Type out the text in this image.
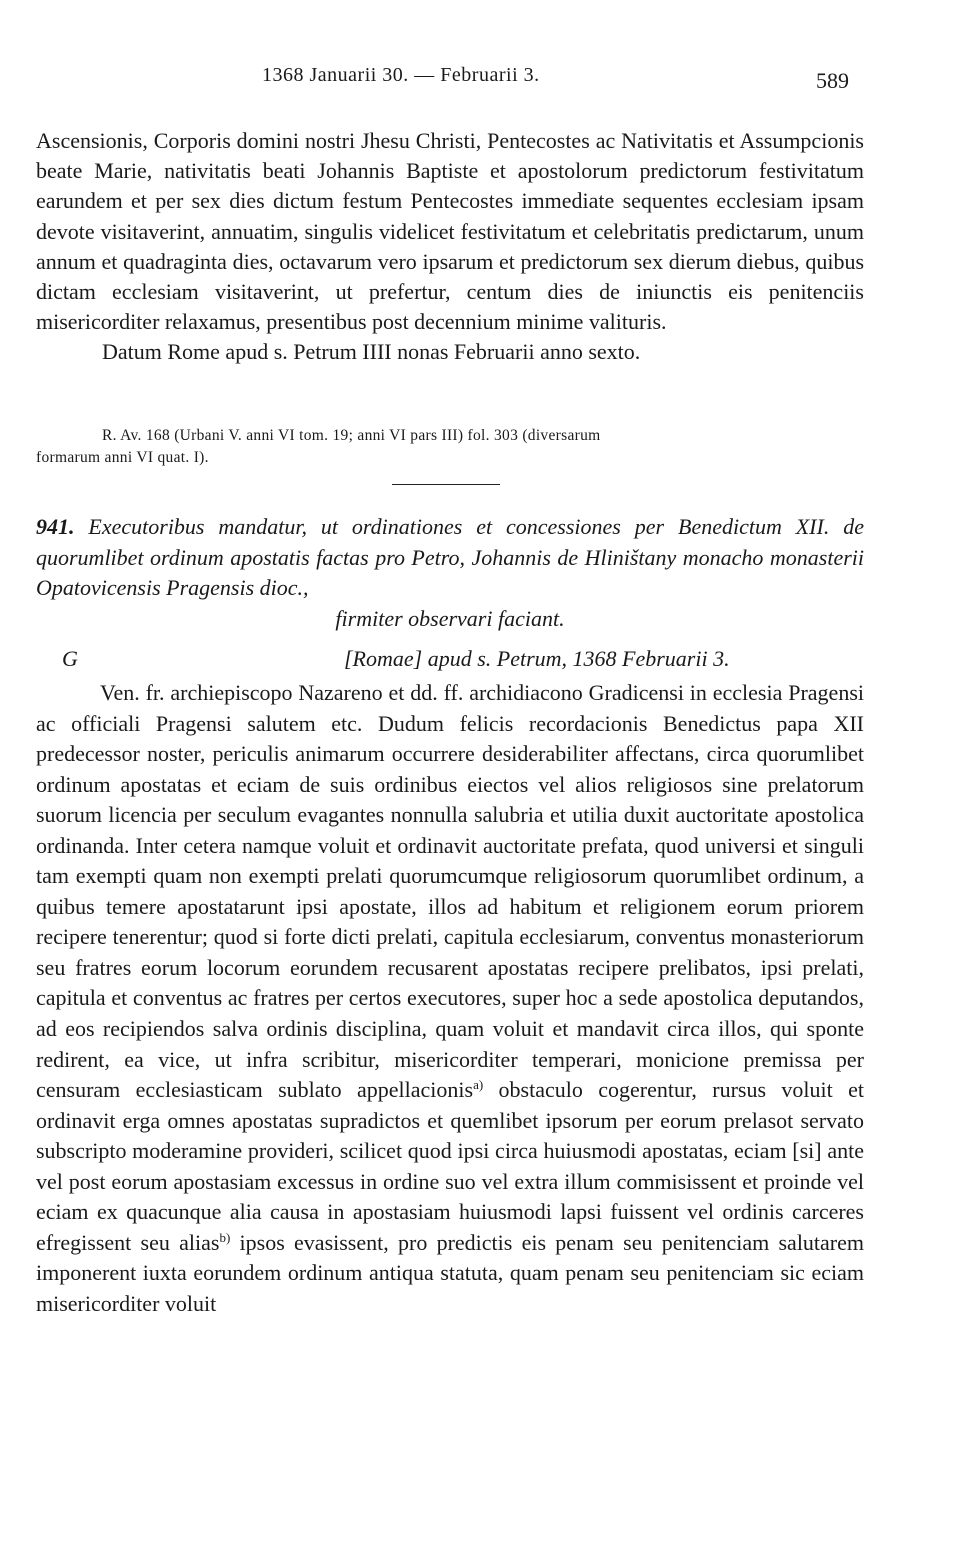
1368 Januarii 30. — Februarii 3.	589

Ascensionis, Corporis domini nostri Jhesu Christi, Pentecostes ac Nativitatis et Assumpcionis beate Marie, nativitatis beati Johannis Baptiste et apostolorum predictorum festivitatum earundem et per sex dies dictum festum Pentecostes immediate sequentes ecclesiam ipsam devote visitaverint, annuatim, singulis videlicet festivitatum et celebritatis predictarum, unum annum et quadraginta dies, octavarum vero ipsarum et predictorum sex dierum diebus, quibus dictam ecclesiam visitaverint, ut prefertur, centum dies de iniunctis eis penitenciis misericorditer relaxamus, presentibus post decennium minime valituris.

Datum Rome apud s. Petrum IIII nonas Februarii anno sexto.

R. Av. 168 (Urbani V. anni VI tom. 19; anni VI pars III) fol. 303 (diversarum
formarum anni VI quat. I).
941. Executoribus mandatur, ut ordinationes et concessiones per Benedictum XII. de quorumlibet ordinum apostatis factas pro Petro, Johannis de Hliništany monacho monasterii Opatovicensis Pragensis dioc.,
firmiter observari faciant.
G	[Romae] apud s. Petrum, 1368 Februarii 3.

Ven. fr. archiepiscopo Nazareno et dd. ff. archidiacono Gradicensi in ecclesia Pragensi ac officiali Pragensi salutem etc. Dudum felicis recordacionis Benedictus papa XII predecessor noster, periculis animarum occurrere desiderabiliter affectans, circa quorumlibet ordinum apostatas et eciam de suis ordinibus eiectos vel alios religiosos sine prelatorum suorum licencia per seculum evagantes nonnulla salubria et utilia duxit auctoritate apostolica ordinanda. Inter cetera namque voluit et ordinavit auctoritate prefata, quod universi et singuli tam exempti quam non exempti prelati quorumcumque religiosorum quorumlibet ordinum, a quibus temere apostatarunt ipsi apostate, illos ad habitum et religionem eorum priorem recipere tenerentur; quod si forte dicti prelati, capitula ecclesiarum, conventus monasteriorum seu fratres eorum locorum eorundem recusarent apostatas recipere prelibatos, ipsi prelati, capitula et conventus ac fratres per certos executores, super hoc a sede apostolica deputandos, ad eos recipiendos salva ordinis disciplina, quam voluit et mandavit circa illos, qui sponte redirent, ea vice, ut infra scribitur, misericorditer temperari, monicione premissa per censuram ecclesiasticam sublato appellacionis$^{a)}$ obstaculo cogerentur, rursus voluit et ordinavit erga omnes apostatas supradictos et quemlibet ipsorum per eorum prelasot servato subscripto moderamine provideri, scilicet quod ipsi circa huiusmodi apostatas, eciam [si] ante vel post eorum apostasiam excessus in ordine suo vel extra illum commisissent et proinde vel eciam ex quacunque alia causa in apostasiam huiusmodi lapsi fuissent vel ordinis carceres efregissent seu alias$^{b)}$ ipsos evasissent, pro predictis eis penam seu penitenciam salutarem imponerent iuxta eorundem ordinum antiqua statuta, quam penam seu penitenciam sic eciam misericorditer voluit
